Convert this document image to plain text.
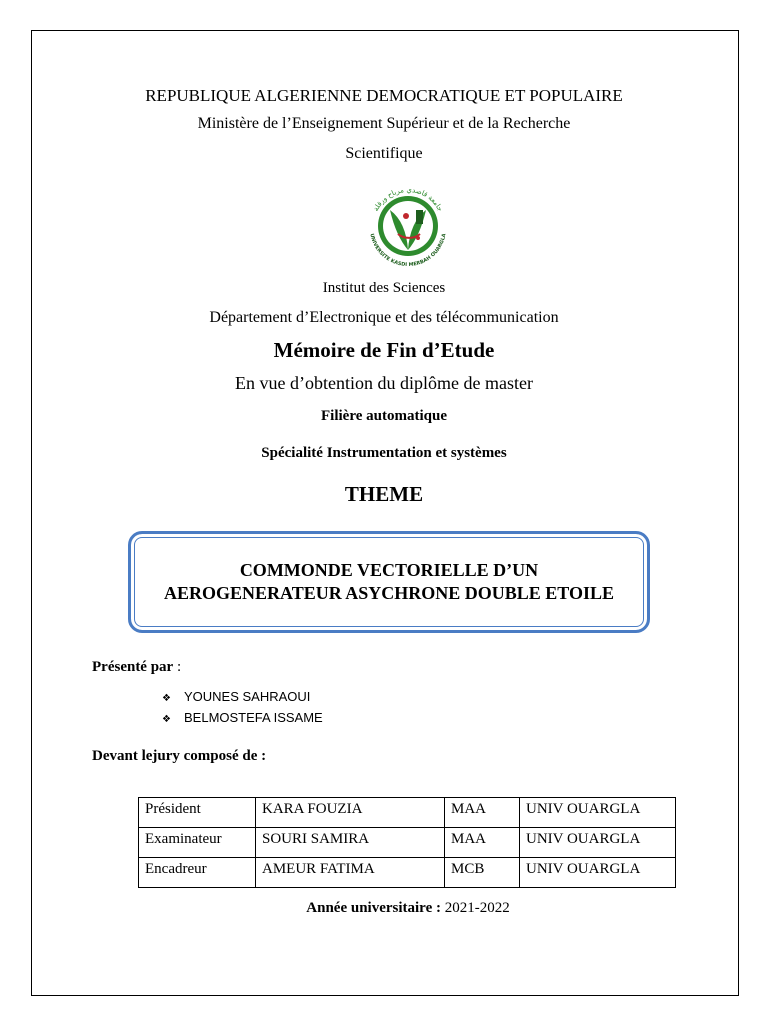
REPUBLIQUE ALGERIENNE DEMOCRATIQUE ET POPULAIRE
Ministère de l’Enseignement Supérieur et de la Recherche
Scientifique
جامعة قاصدي مرباح ورقلة
UNIVERSITE KASDI MERBAH OUARGLA
Institut des Sciences
Département d’Electronique et des télécommunication
Mémoire de Fin d’Etude
En vue d’obtention du diplôme de master
Filière automatique
Spécialité Instrumentation et systèmes
THEME
COMMONDE VECTORIELLE D’UN AEROGENERATEUR ASYCHRONE DOUBLE ETOILE
Présenté par :
❖ YOUNES SAHRAOUI
❖ BELMOSTEFA ISSAME
Devant lejury composé de :
Président	KARA FOUZIA	MAA	UNIV OUARGLA
Examinateur	SOURI SAMIRA	MAA	UNIV OUARGLA
Encadreur	AMEUR FATIMA	MCB	UNIV OUARGLA
Année universitaire : 2021-2022
